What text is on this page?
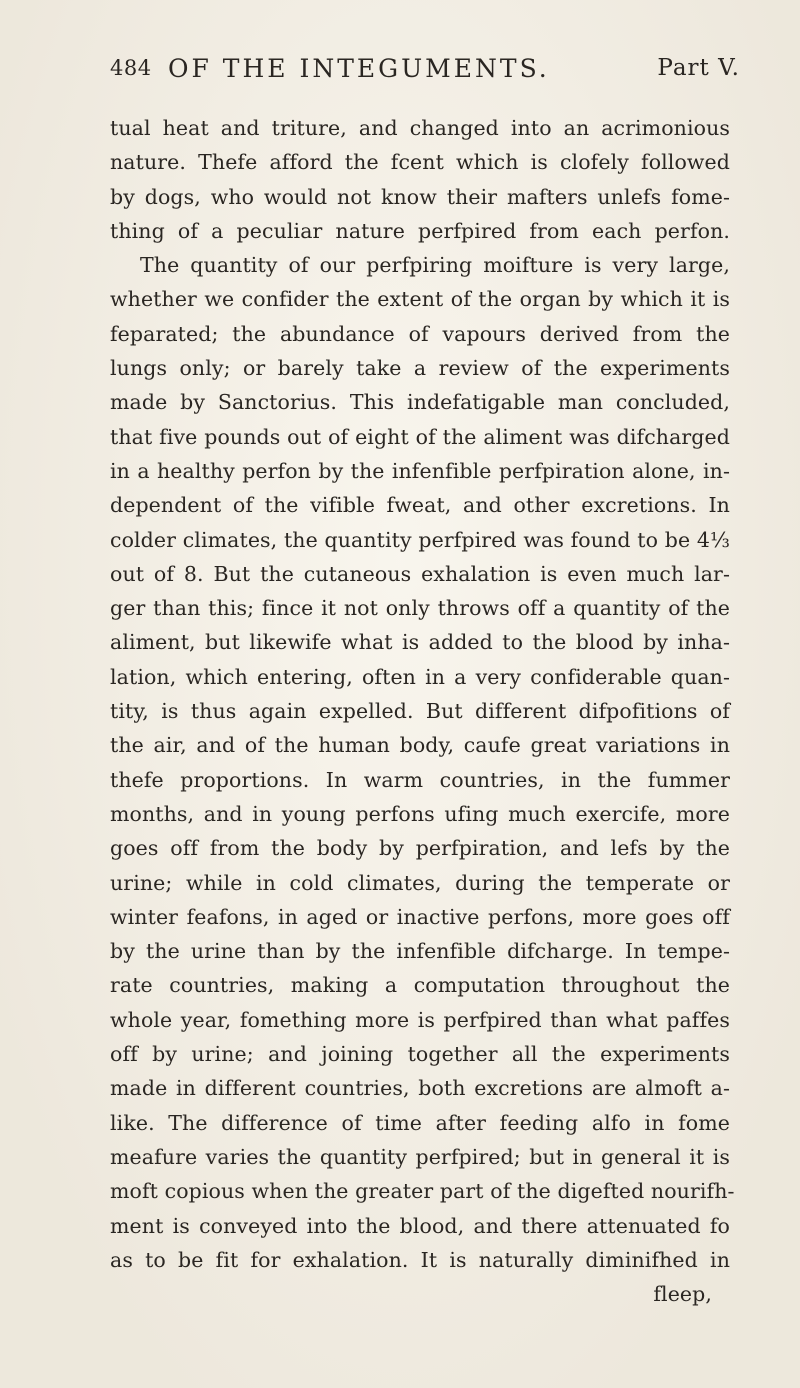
484 OF THE INTEGUMENTS.	Part V.
tual heat and triture, and changed into an acrimonious
nature. Thefe afford the fcent which is clofely followed
by dogs, who would not know their mafters unlefs fome-
thing of a peculiar nature perfpired from each perfon.
The quantity of our perfpiring moifture is very large,
whether we confider the extent of the organ by which it is
feparated; the abundance of vapours derived from the
lungs only; or barely take a review of the experiments
made by Sanctorius. This indefatigable man concluded,
that five pounds out of eight of the aliment was difcharged
in a healthy perfon by the infenfible perfpiration alone, in-
dependent of the vifible fweat, and other excretions. In
colder climates, the quantity perfpired was found to be 4⅓
out of 8. But the cutaneous exhalation is even much lar-
ger than this; fince it not only throws off a quantity of the
aliment, but likewife what is added to the blood by inha-
lation, which entering, often in a very confiderable quan-
tity, is thus again expelled. But different difpofitions of
the air, and of the human body, caufe great variations in
thefe proportions. In warm countries, in the fummer
months, and in young perfons ufing much exercife, more
goes off from the body by perfpiration, and lefs by the
urine; while in cold climates, during the temperate or
winter feafons, in aged or inactive perfons, more goes off
by the urine than by the infenfible difcharge. In tempe-
rate countries, making a computation throughout the
whole year, fomething more is perfpired than what paffes
off by urine; and joining together all the experiments
made in different countries, both excretions are almoft a-
like. The difference of time after feeding alfo in fome
meafure varies the quantity perfpired; but in general it is
moft copious when the greater part of the digefted nourifh-
ment is conveyed into the blood, and there attenuated fo
as to be fit for exhalation. It is naturally diminifhed in
fleep,
